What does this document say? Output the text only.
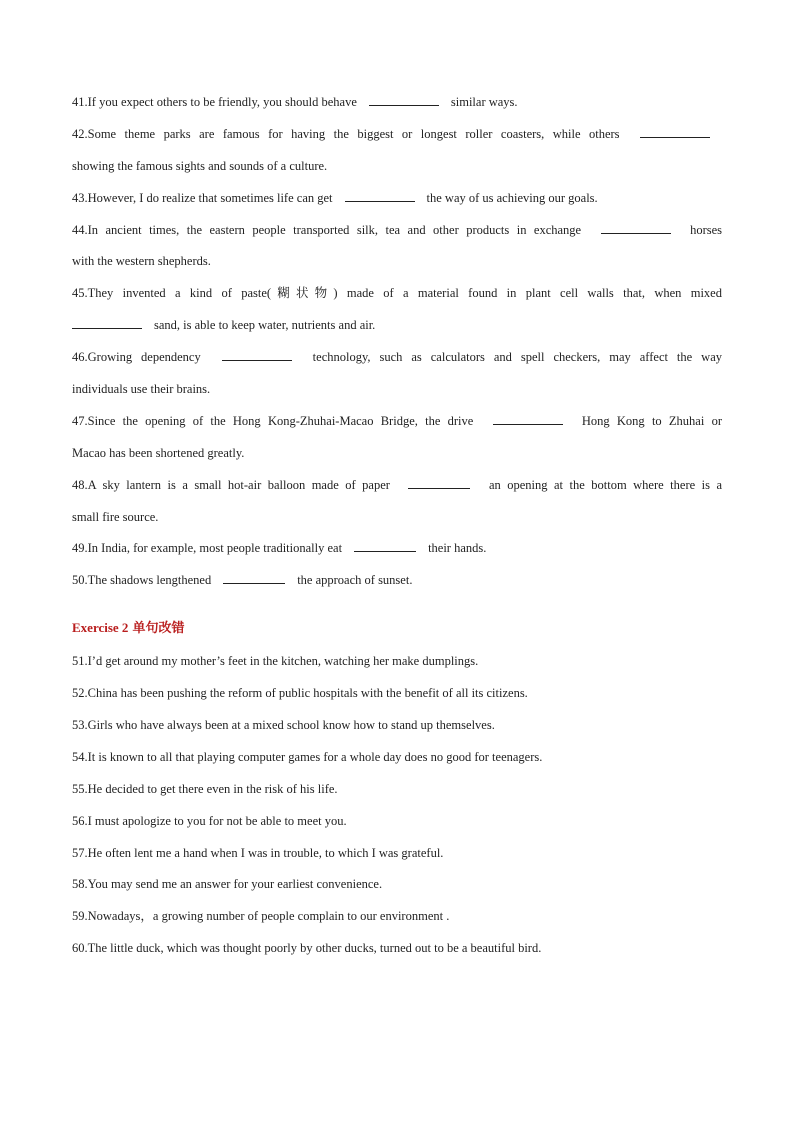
41.If you expect others to be friendly, you should behave	similar ways.
42.Some theme parks are famous for having the biggest or longest roller coasters, while others
showing the famous sights and sounds of a culture.
43.However, I do realize that sometimes life can get	the way of us achieving our goals.
44.In ancient times, the eastern people transported silk, tea and other products in exchange	horses
with the western shepherds.
45.They invented a kind of paste(糊状物) made of a material found in plant cell walls that, when mixed
sand, is able to keep water, nutrients and air.
46.Growing dependency	technology, such as calculators and spell checkers, may affect the way
individuals use their brains.
47.Since the opening of the Hong Kong-Zhuhai-Macao Bridge, the drive	Hong Kong to Zhuhai or
Macao has been shortened greatly.
48.A sky lantern is a small hot-air balloon made of paper	an opening at the bottom where there is a
small fire source.
49.In India, for example, most people traditionally eat	their hands.
50.The shadows lengthened	the approach of sunset.
Exercise 2 单句改错
51.I’d get around my mother’s feet in the kitchen, watching her make dumplings.
52.China has been pushing the reform of public hospitals with the benefit of all its citizens.
53.Girls who have always been at a mixed school know how to stand up themselves.
54.It is known to all that playing computer games for a whole day does no good for teenagers.
55.He decided to get there even in the risk of his life.
56.I must apologize to you for not be able to meet you.
57.He often lent me a hand when I was in trouble, to which I was grateful.
58.You may send me an answer for your earliest convenience.
59.Nowadays，a growing number of people complain to our environment .
60.The little duck, which was thought poorly by other ducks, turned out to be a beautiful bird.
